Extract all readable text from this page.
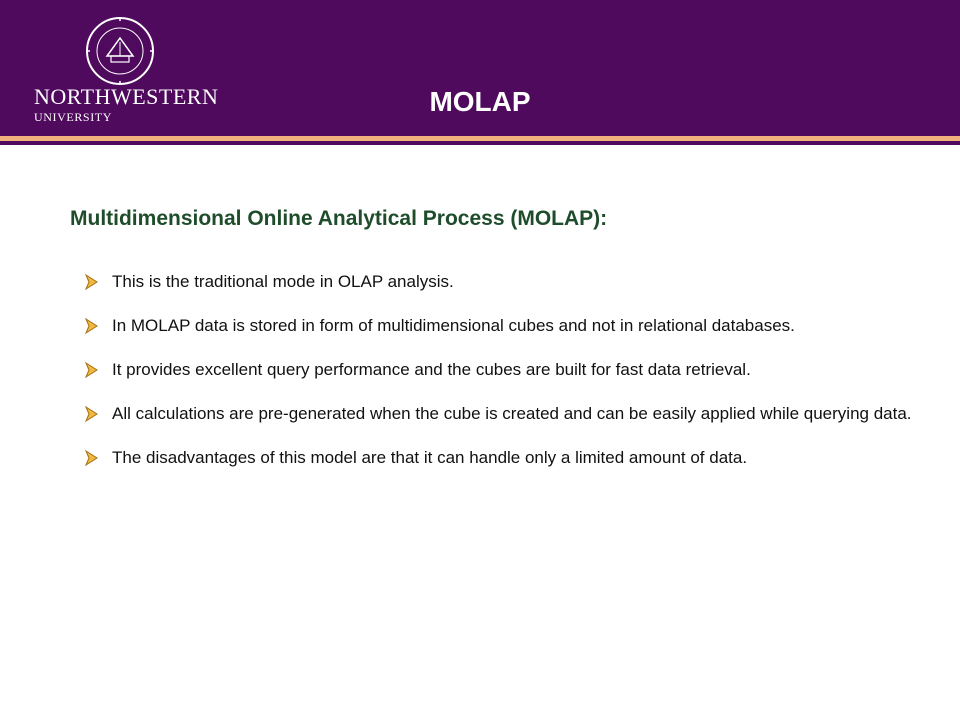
NORTHWESTERN
UNIVERSITY	MOLAP
Multidimensional Online Analytical Process (MOLAP):
This is the traditional mode in OLAP analysis.
In MOLAP data is stored in form of multidimensional cubes and not in relational databases.
It provides excellent query performance and the cubes are built for fast data retrieval.
All calculations are pre-generated when the cube is created and can be easily applied while querying data.
The disadvantages of this model are that it can handle only a limited amount of data.
